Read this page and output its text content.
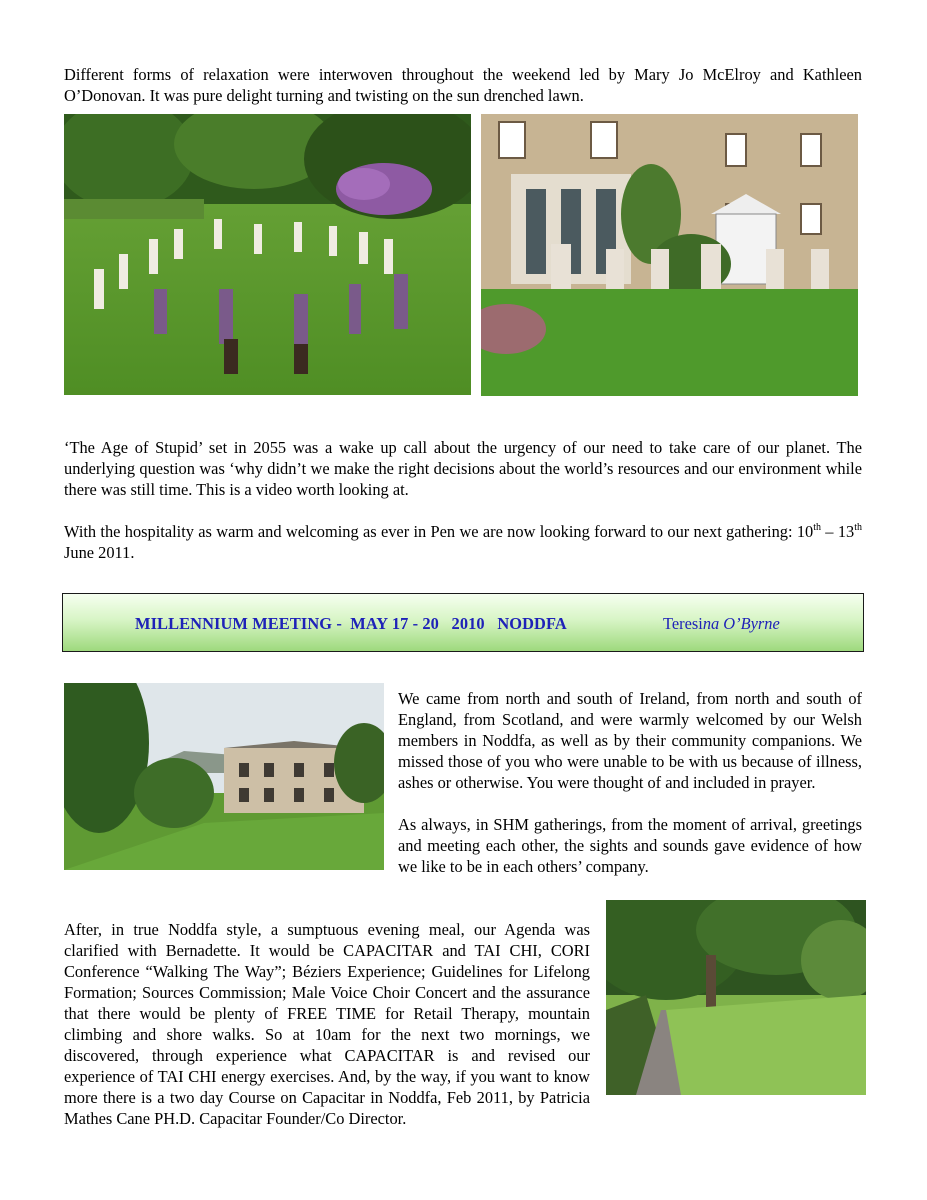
Different forms of relaxation were interwoven throughout the weekend led by Mary Jo McElroy and Kathleen O’Donovan. It was pure delight turning and twisting on the sun drenched lawn.

‘The Age of Stupid’ set in 2055 was a wake up call about the urgency of our need to take care of our planet. The underlying question was ‘why didn’t we make the right decisions about the world’s resources and our environment while there was still time. This is a video worth looking at.

With the hospitality as warm and welcoming as ever in Pen we are now looking forward to our next gathering: 10th – 13th June 2011.

MILLENNIUM MEETING -  MAY 17 - 20   2010   NODDFA	Teresina O’Byrne

We came from north and south of Ireland, from north and south of England, from Scotland, and were warmly welcomed by our Welsh members in Noddfa, as well as by their community companions. We missed those of you who were unable to be with us because of illness, ashes or otherwise. You were thought of and included in prayer.

As always, in SHM gatherings, from the moment of arrival, greetings and meeting each other, the sights and sounds gave evidence of how we like to be in each others’ company.

After, in true Noddfa style, a sumptuous evening meal, our Agenda was clarified with Bernadette. It would be CAPACITAR and TAI CHI, CORI Conference “Walking The Way”; Béziers Experience; Guidelines for Lifelong Formation; Sources Commission; Male Voice Choir Concert and the assurance that there would be plenty of FREE TIME for Retail Therapy, mountain climbing and shore walks. So at 10am for the next two mornings, we discovered, through experience what CAPACITAR is and revised our experience of TAI CHI energy exercises. And, by the way, if you want to know more there is a two day Course on Capacitar in Noddfa, Feb 2011, by Patricia Mathes Cane PH.D. Capacitar Founder/Co Director.
